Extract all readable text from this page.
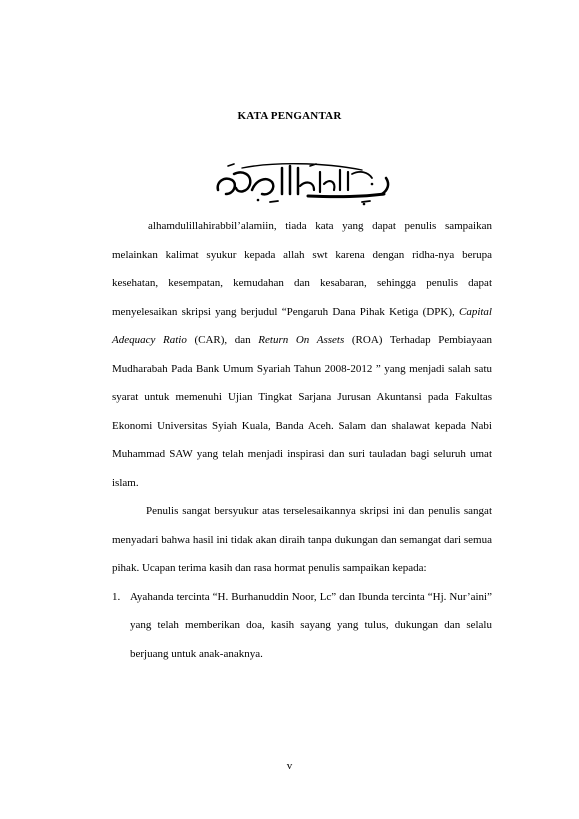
KATA PENGANTAR

alhamdulillahirabbil’alamiin, tiada kata yang dapat penulis sampaikan melainkan kalimat syukur kepada allah swt karena dengan ridha-nya berupa kesehatan, kesempatan, kemudahan dan kesabaran, sehingga penulis dapat menyelesaikan skripsi yang berjudul “Pengaruh Dana Pihak Ketiga (DPK), Capital Adequacy Ratio (CAR), dan Return On Assets (ROA) Terhadap Pembiayaan Mudharabah Pada Bank Umum Syariah Tahun 2008-2012 ” yang menjadi salah satu syarat untuk memenuhi Ujian Tingkat Sarjana Jurusan Akuntansi pada Fakultas Ekonomi Universitas Syiah Kuala, Banda Aceh. Salam dan shalawat kepada Nabi Muhammad SAW yang telah menjadi inspirasi dan suri tauladan bagi seluruh umat islam.

Penulis sangat bersyukur atas terselesaikannya skripsi ini dan penulis sangat menyadari bahwa hasil ini tidak akan diraih tanpa dukungan dan semangat dari semua pihak. Ucapan terima kasih dan rasa hormat penulis sampaikan kepada:

1. Ayahanda tercinta “H. Burhanuddin Noor, Lc” dan Ibunda tercinta “Hj. Nur’aini” yang telah memberikan doa, kasih sayang yang tulus, dukungan dan selalu berjuang untuk anak-anaknya.
v
